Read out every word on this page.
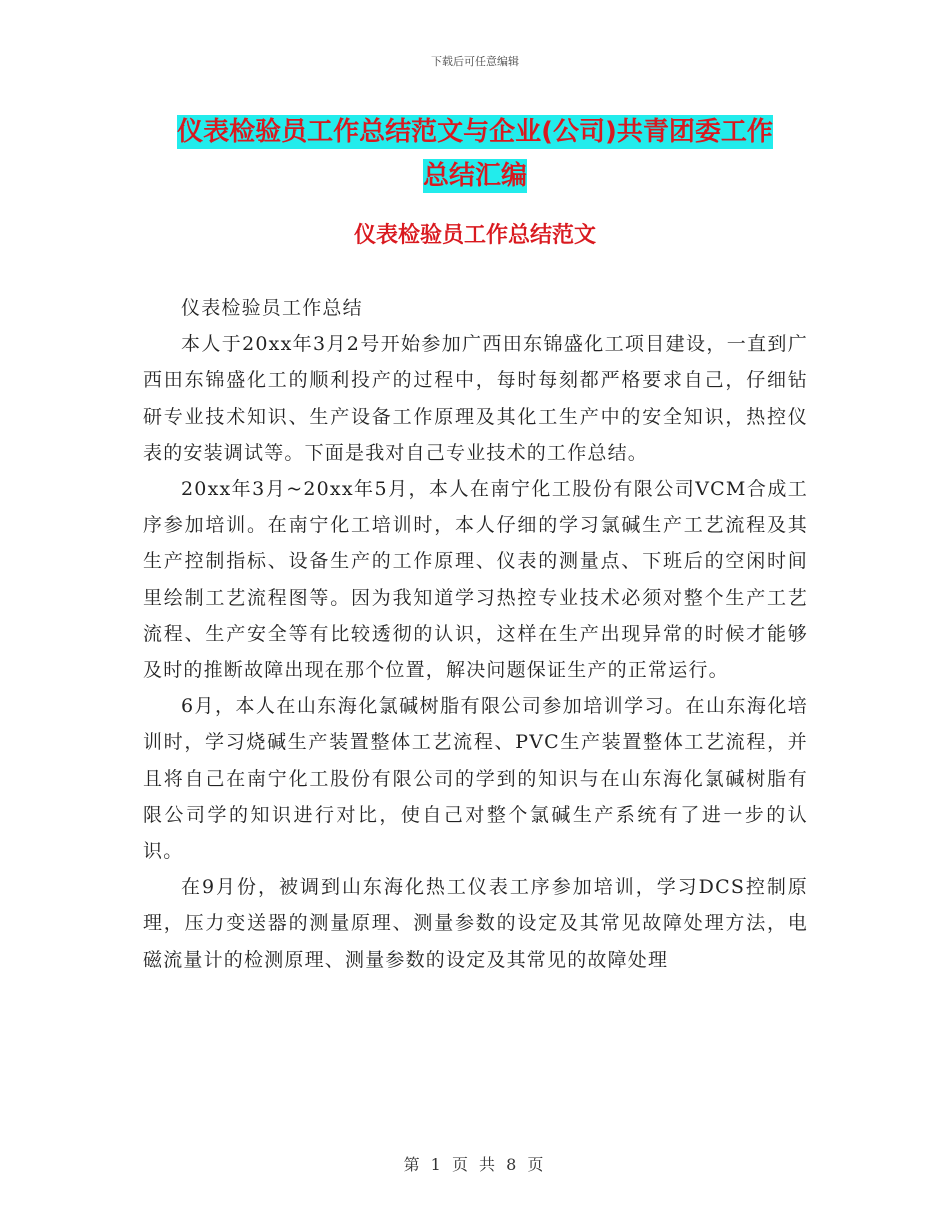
下载后可任意编辑
仪表检验员工作总结范文与企业(公司)共青团委工作
总结汇编
仪表检验员工作总结范文

仪表检验员工作总结

本人于20xx年3月2号开始参加广西田东锦盛化工项目建设，一直到广西田东锦盛化工的顺利投产的过程中，每时每刻都严格要求自己，仔细钻研专业技术知识、生产设备工作原理及其化工生产中的安全知识，热控仪表的安装调试等。下面是我对自己专业技术的工作总结。

20xx年3月~20xx年5月，本人在南宁化工股份有限公司VCM合成工序参加培训。在南宁化工培训时，本人仔细的学习氯碱生产工艺流程及其生产控制指标、设备生产的工作原理、仪表的测量点、下班后的空闲时间里绘制工艺流程图等。因为我知道学习热控专业技术必须对整个生产工艺流程、生产安全等有比较透彻的认识，这样在生产出现异常的时候才能够及时的推断故障出现在那个位置，解决问题保证生产的正常运行。

6月，本人在山东海化氯碱树脂有限公司参加培训学习。在山东海化培训时，学习烧碱生产装置整体工艺流程、PVC生产装置整体工艺流程，并且将自己在南宁化工股份有限公司的学到的知识与在山东海化氯碱树脂有限公司学的知识进行对比，使自己对整个氯碱生产系统有了进一步的认识。

在9月份，被调到山东海化热工仪表工序参加培训，学习DCS控制原理，压力变送器的测量原理、测量参数的设定及其常见故障处理方法，电磁流量计的检测原理、测量参数的设定及其常见的故障处理

第 1 页 共 8 页
